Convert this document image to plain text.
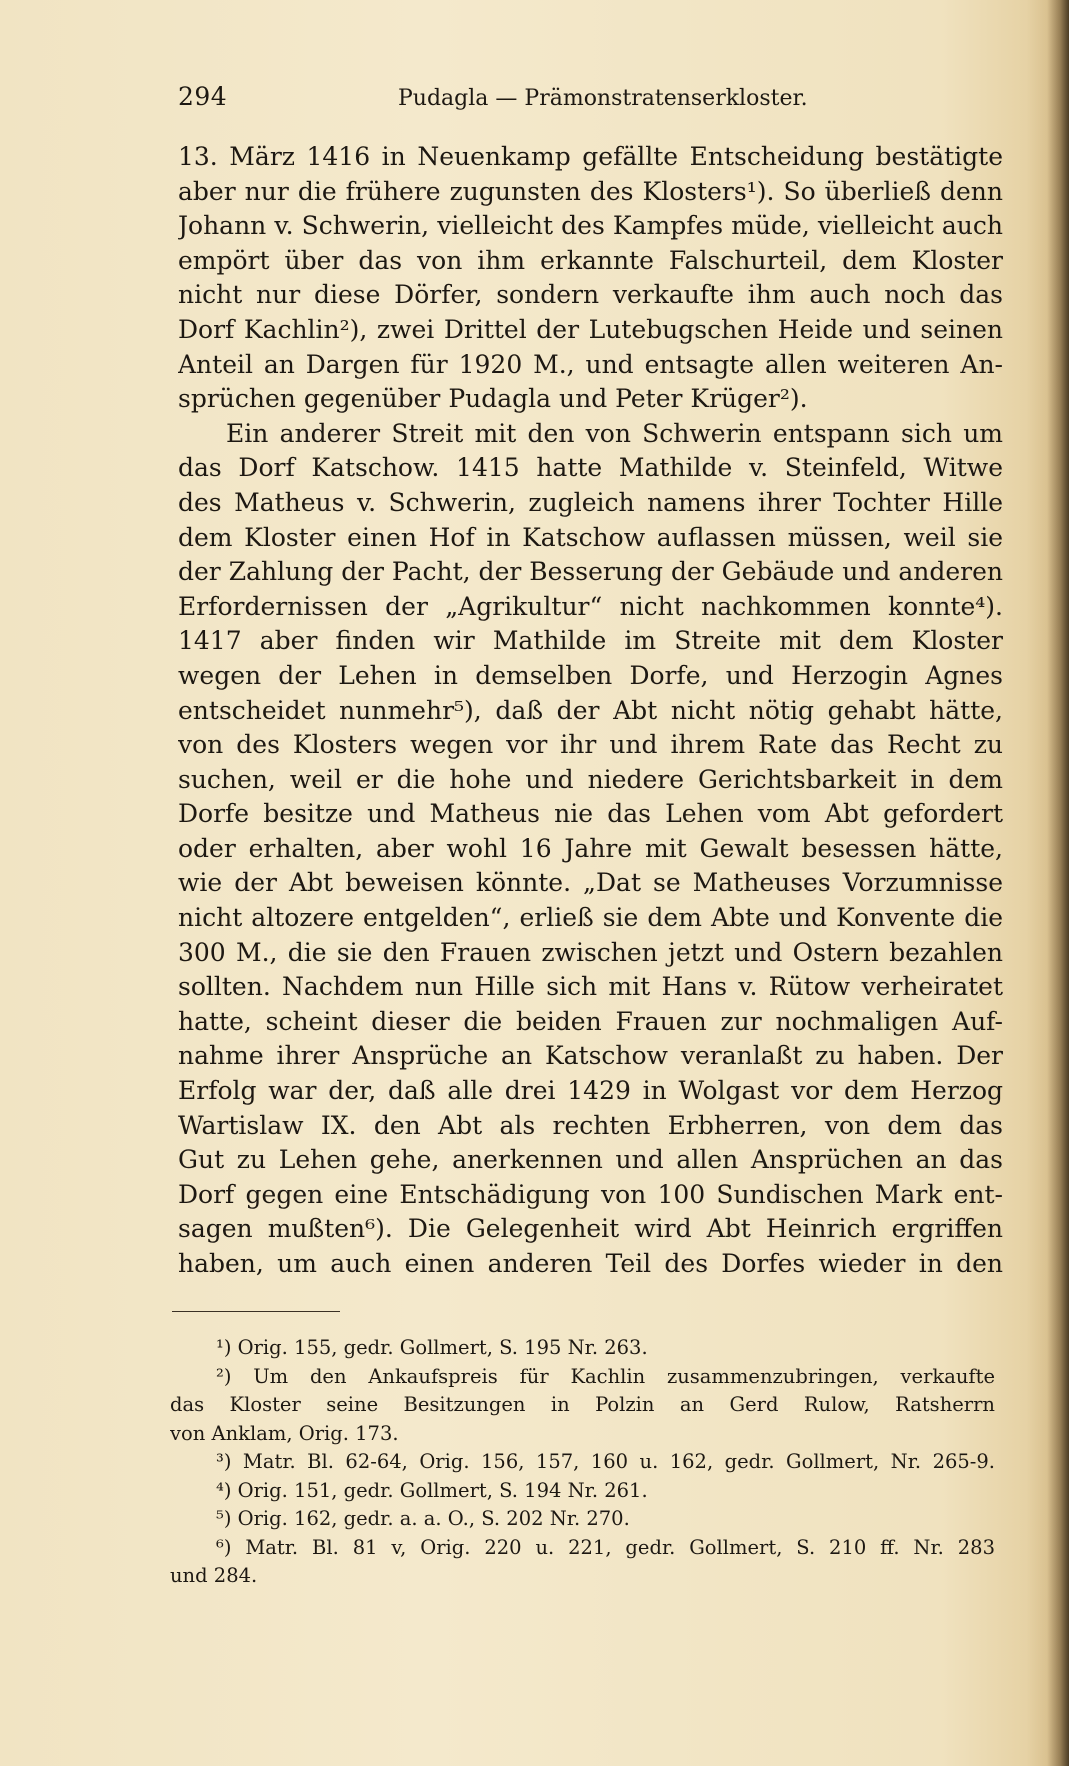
294	Pudagla — Prämonstratenserkloster.
13. März 1416 in Neuenkamp gefällte Entscheidung bestätigte
aber nur die frühere zugunsten des Klosters¹). So überließ denn
Johann v. Schwerin, vielleicht des Kampfes müde, vielleicht auch
empört über das von ihm erkannte Falschurteil, dem Kloster
nicht nur diese Dörfer, sondern verkaufte ihm auch noch das
Dorf Kachlin²), zwei Drittel der Lutebugschen Heide und seinen
Anteil an Dargen für 1920 M., und entsagte allen weiteren An-
sprüchen gegenüber Pudagla und Peter Krüger²).
Ein anderer Streit mit den von Schwerin entspann sich um
das Dorf Katschow. 1415 hatte Mathilde v. Steinfeld, Witwe
des Matheus v. Schwerin, zugleich namens ihrer Tochter Hille
dem Kloster einen Hof in Katschow auflassen müssen, weil sie
der Zahlung der Pacht, der Besserung der Gebäude und anderen
Erfordernissen der „Agrikultur“ nicht nachkommen konnte⁴).
1417 aber finden wir Mathilde im Streite mit dem Kloster
wegen der Lehen in demselben Dorfe, und Herzogin Agnes
entscheidet nunmehr⁵), daß der Abt nicht nötig gehabt hätte,
von des Klosters wegen vor ihr und ihrem Rate das Recht zu
suchen, weil er die hohe und niedere Gerichtsbarkeit in dem
Dorfe besitze und Matheus nie das Lehen vom Abt gefordert
oder erhalten, aber wohl 16 Jahre mit Gewalt besessen hätte,
wie der Abt beweisen könnte. „Dat se Matheuses Vorzumnisse
nicht altozere entgelden“, erließ sie dem Abte und Konvente die
300 M., die sie den Frauen zwischen jetzt und Ostern bezahlen
sollten. Nachdem nun Hille sich mit Hans v. Rütow verheiratet
hatte, scheint dieser die beiden Frauen zur nochmaligen Auf-
nahme ihrer Ansprüche an Katschow veranlaßt zu haben. Der
Erfolg war der, daß alle drei 1429 in Wolgast vor dem Herzog
Wartislaw IX. den Abt als rechten Erbherren, von dem das
Gut zu Lehen gehe, anerkennen und allen Ansprüchen an das
Dorf gegen eine Entschädigung von 100 Sundischen Mark ent-
sagen mußten⁶). Die Gelegenheit wird Abt Heinrich ergriffen
haben, um auch einen anderen Teil des Dorfes wieder in den
¹) Orig. 155, gedr. Gollmert, S. 195 Nr. 263.
²) Um den Ankaufspreis für Kachlin zusammenzubringen, verkaufte
das Kloster seine Besitzungen in Polzin an Gerd Rulow, Ratsherrn
von Anklam, Orig. 173.
³) Matr. Bl. 62-64, Orig. 156, 157, 160 u. 162, gedr. Gollmert, Nr. 265-9.
⁴) Orig. 151, gedr. Gollmert, S. 194 Nr. 261.
⁵) Orig. 162, gedr. a. a. O., S. 202 Nr. 270.
⁶) Matr. Bl. 81 v, Orig. 220 u. 221, gedr. Gollmert, S. 210 ff. Nr. 283
und 284.
